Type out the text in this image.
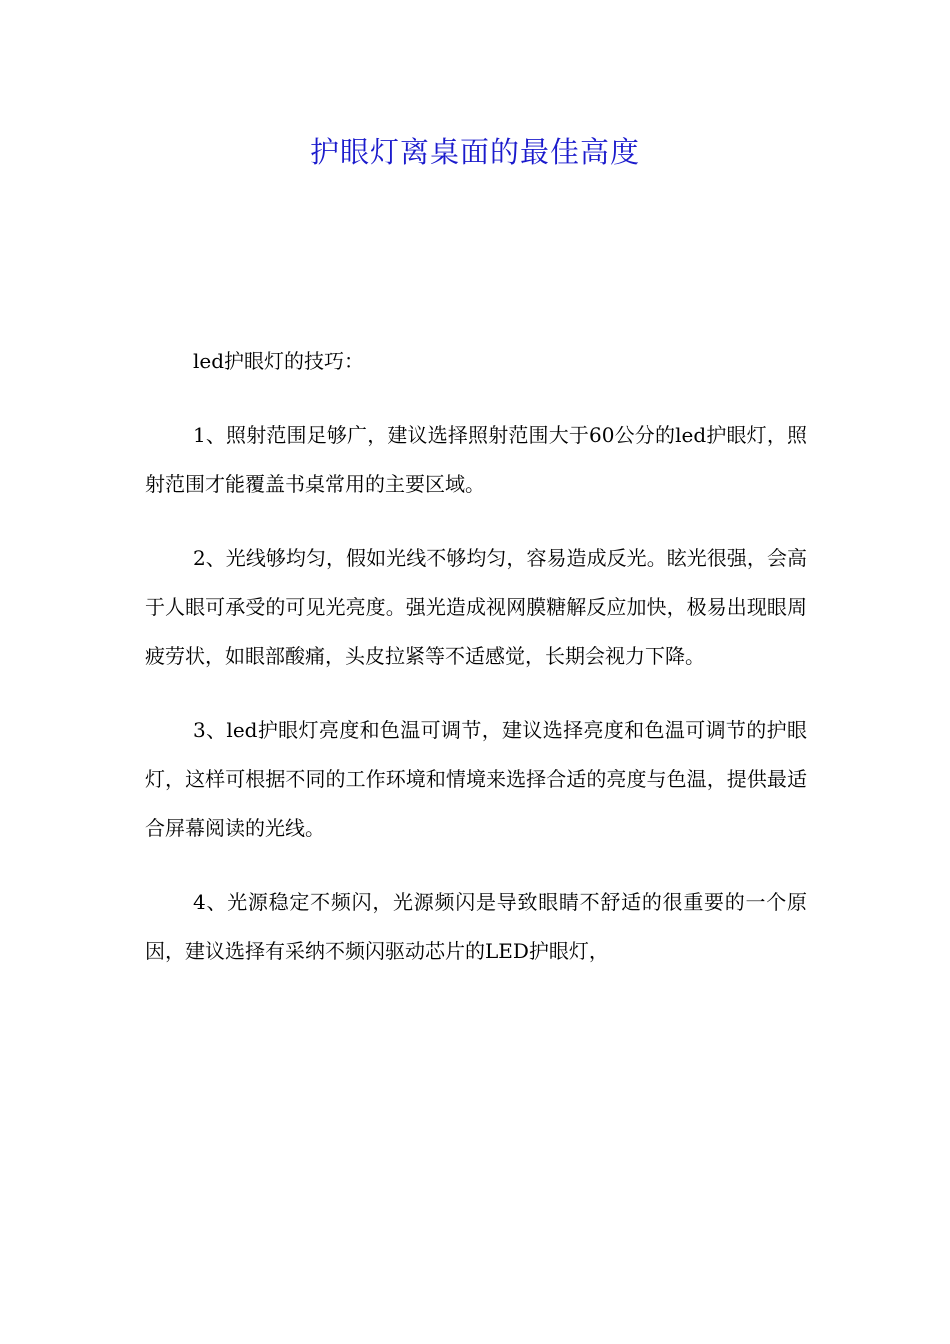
护眼灯离桌面的最佳高度

led护眼灯的技巧：

1、照射范围足够广，建议选择照射范围大于60公分的led护眼灯，照射范围才能覆盖书桌常用的主要区域。

2、光线够均匀，假如光线不够均匀，容易造成反光。眩光很强，会高于人眼可承受的可见光亮度。强光造成视网膜糖解反应加快，极易出现眼周疲劳状，如眼部酸痛，头皮拉紧等不适感觉，长期会视力下降。

3、led护眼灯亮度和色温可调节，建议选择亮度和色温可调节的护眼灯，这样可根据不同的工作环境和情境来选择合适的亮度与色温，提供最适合屏幕阅读的光线。

4、光源稳定不频闪，光源频闪是导致眼睛不舒适的很重要的一个原因，建议选择有采纳不频闪驱动芯片的LED护眼灯，
